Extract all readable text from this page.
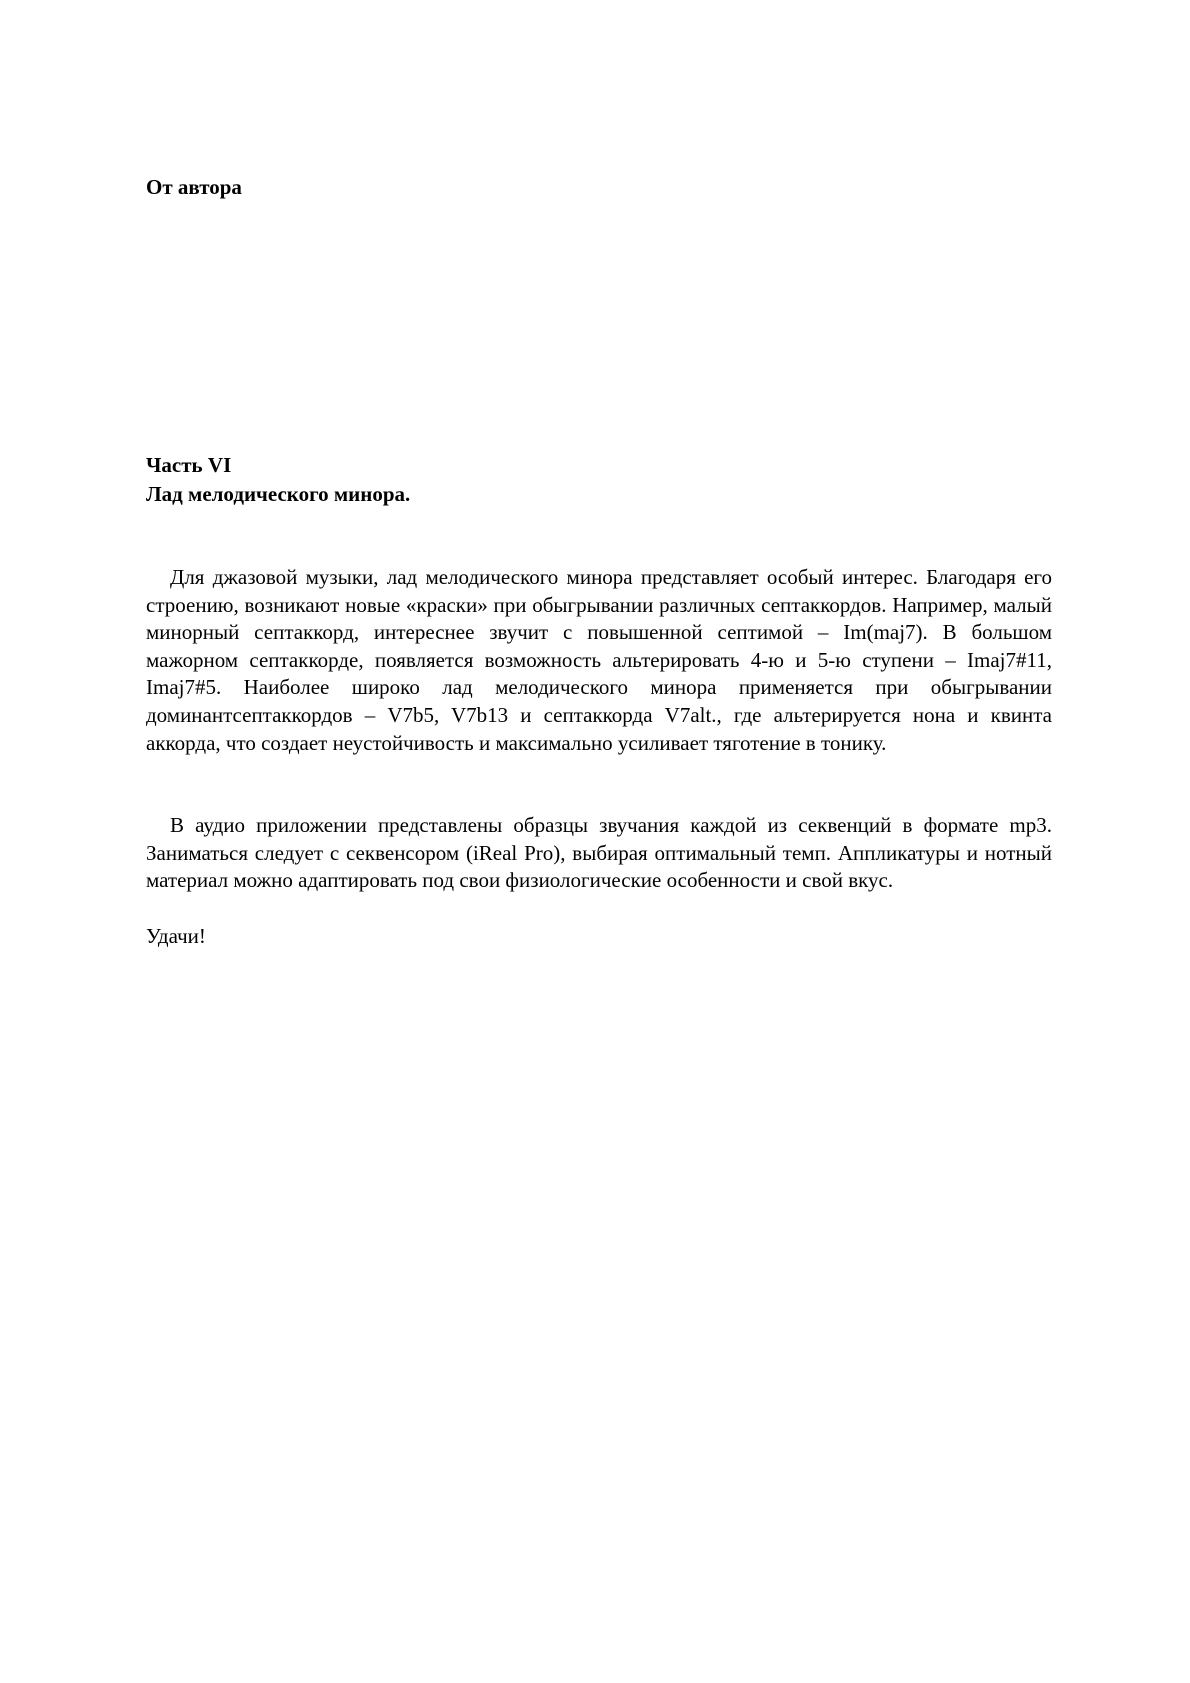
От автора
Часть VI
Лад мелодического минора.

Для джазовой музыки, лад мелодического минора представляет особый интерес. Благодаря его строению, возникают новые «краски» при обыгрывании различных септаккордов. Например, малый минорный септаккорд, интереснее звучит с повышенной септимой – Im(maj7). В большом мажорном септаккорде, появляется возможность альтерировать 4-ю и 5-ю ступени – Imaj7#11, Imaj7#5. Наиболее широко лад мелодического минора применяется при обыгрывании доминантсептаккордов – V7b5, V7b13 и септаккорда V7alt., где альтерируется нона и квинта аккорда, что создает неустойчивость и максимально усиливает тяготение в тонику.

В аудио приложении представлены образцы звучания каждой из секвенций в формате mp3. Заниматься следует с секвенсором (iReal Pro), выбирая оптимальный темп. Аппликатуры и нотный материал можно адаптировать под свои физиологические особенности и свой вкус.

Удачи!
